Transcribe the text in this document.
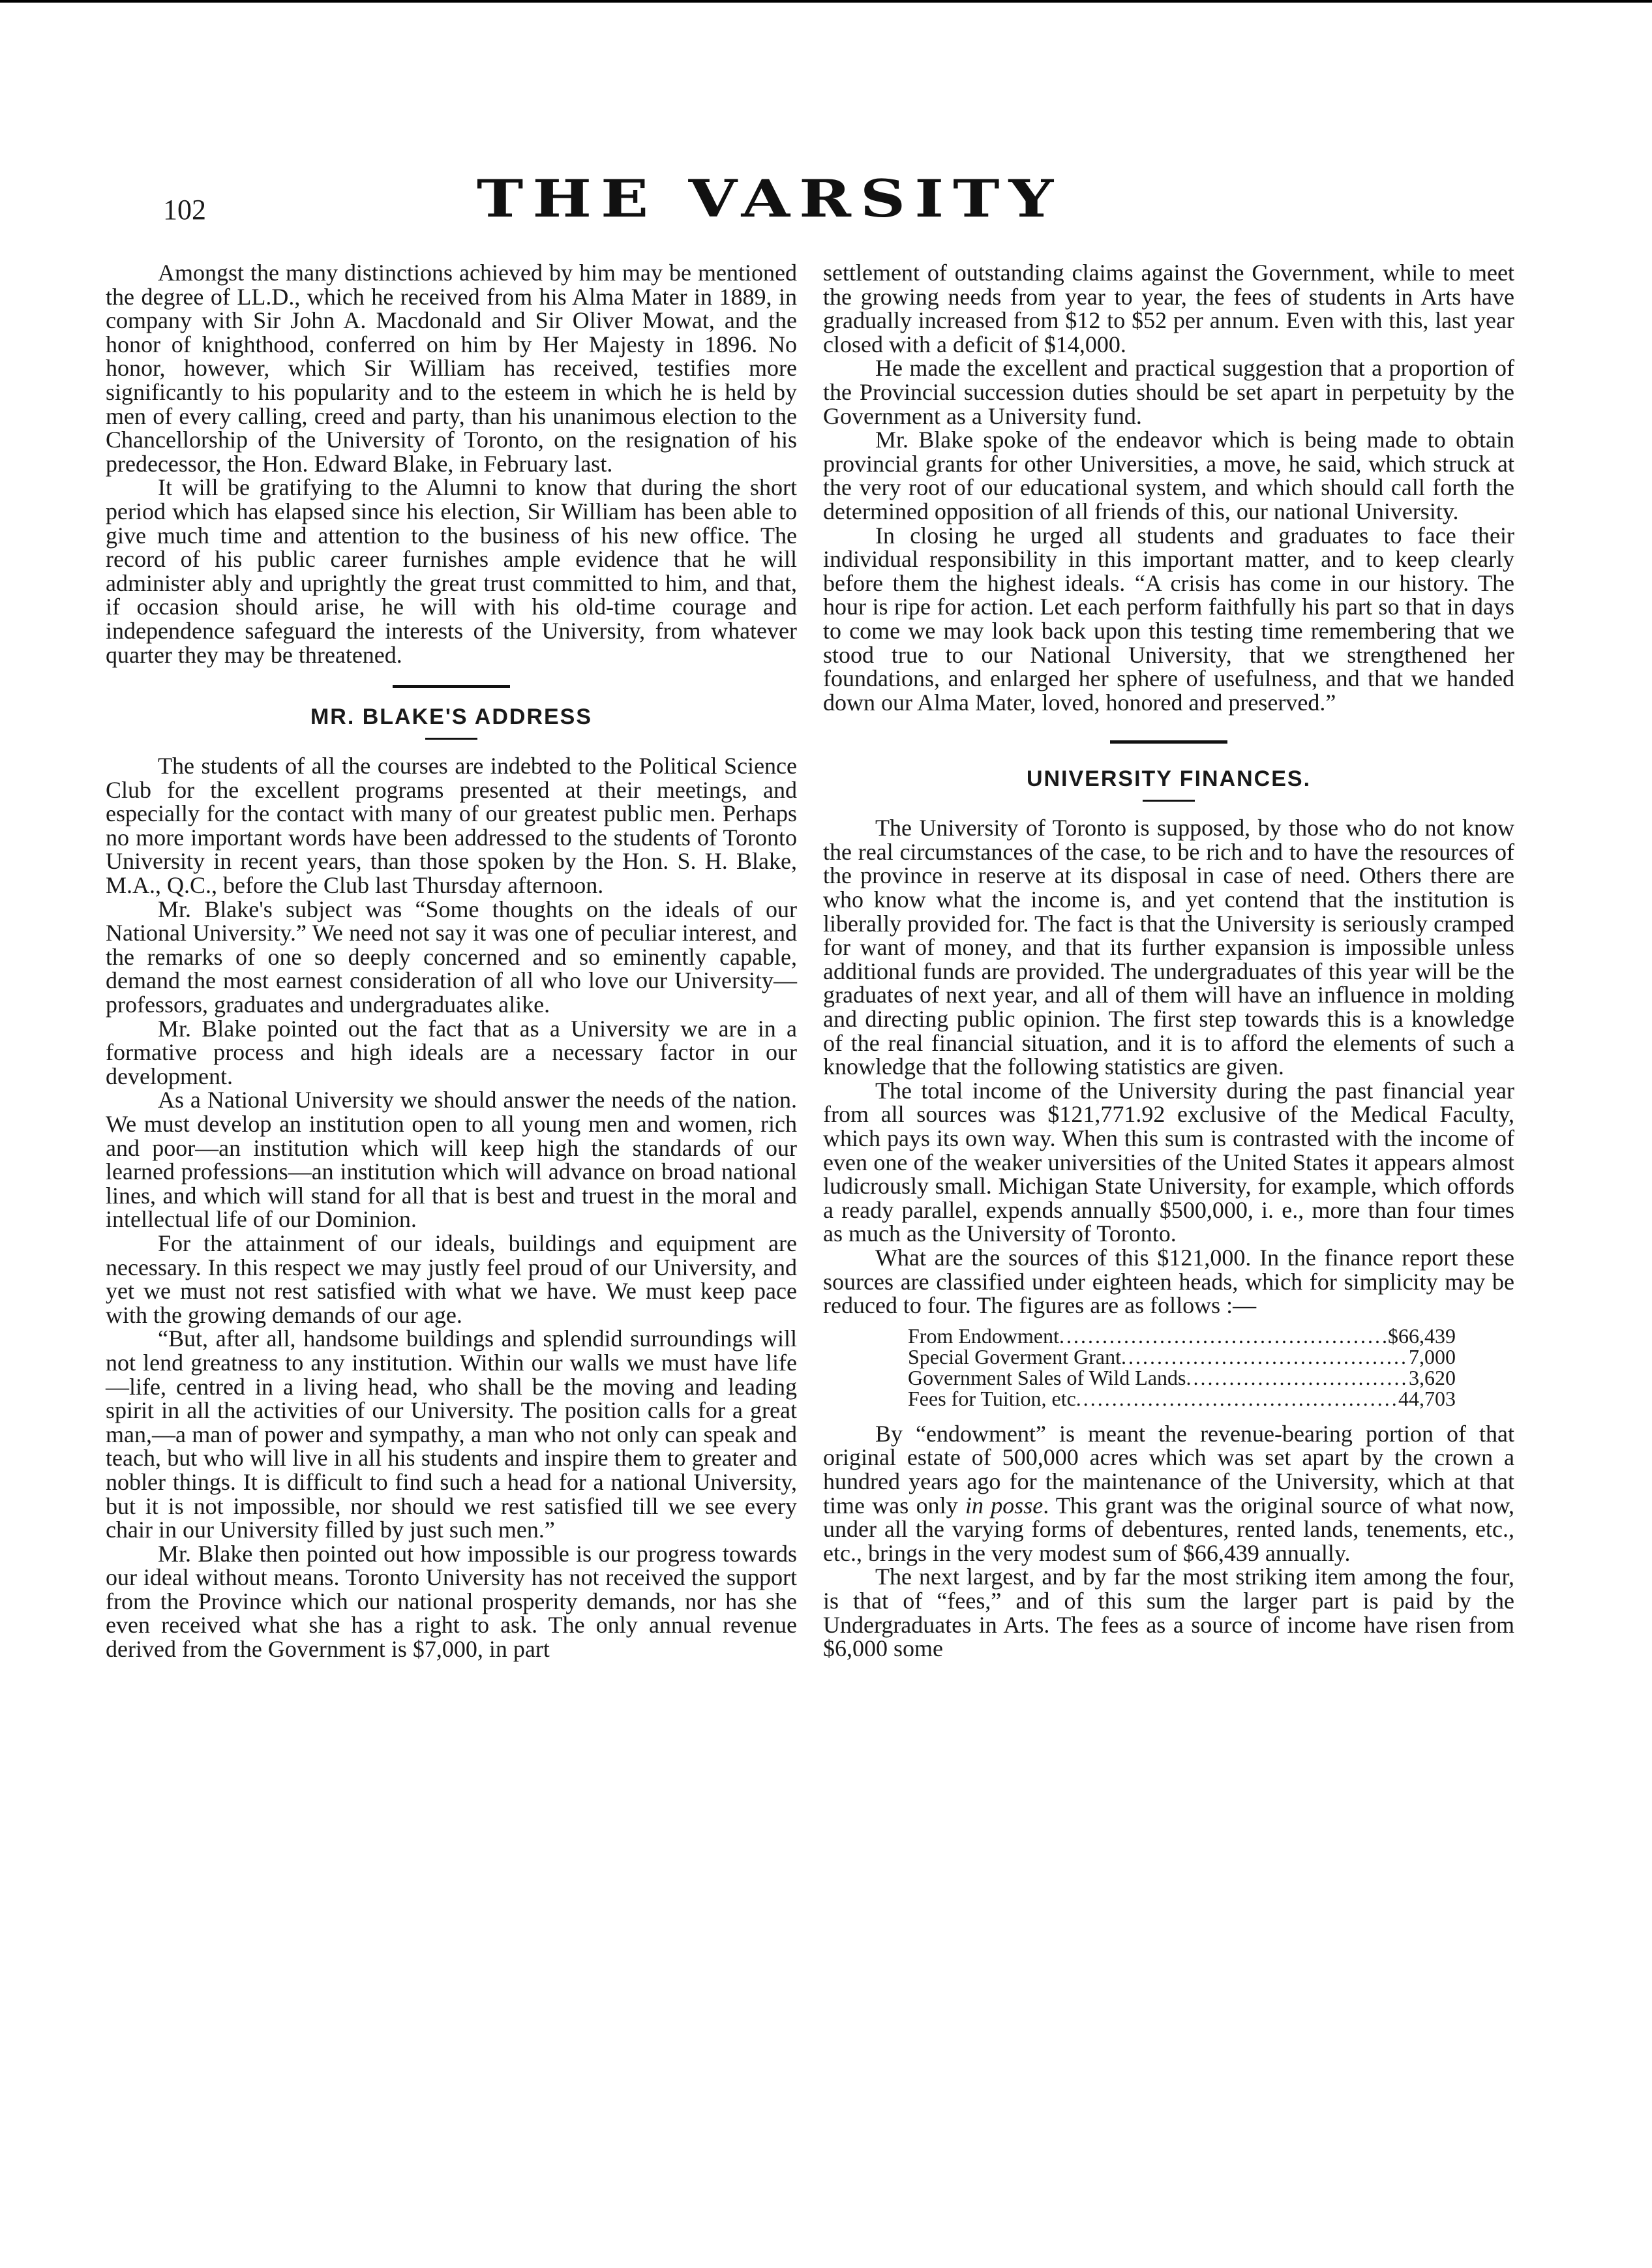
102	THE VARSITY

Amongst the many distinctions achieved by him may be mentioned the degree of LL.D., which he received from his Alma Mater in 1889, in company with Sir John A. Macdonald and Sir Oliver Mowat, and the honor of knighthood, conferred on him by Her Majesty in 1896. No honor, however, which Sir William has received, testifies more significantly to his popularity and to the esteem in which he is held by men of every calling, creed and party, than his unanimous election to the Chancellorship of the University of Toronto, on the resignation of his predecessor, the Hon. Edward Blake, in February last.

It will be gratifying to the Alumni to know that during the short period which has elapsed since his election, Sir William has been able to give much time and attention to the business of his new office. The record of his public career furnishes ample evidence that he will administer ably and uprightly the great trust committed to him, and that, if occasion should arise, he will with his old-time courage and independence safeguard the interests of the University, from whatever quarter they may be threatened.

MR. BLAKE'S ADDRESS

The students of all the courses are indebted to the Political Science Club for the excellent programs presented at their meetings, and especially for the contact with many of our greatest public men. Perhaps no more important words have been addressed to the students of Toronto University in recent years, than those spoken by the Hon. S. H. Blake, M.A., Q.C., before the Club last Thursday afternoon.

Mr. Blake's subject was “Some thoughts on the ideals of our National University.” We need not say it was one of peculiar interest, and the remarks of one so deeply concerned and so eminently capable, demand the most earnest consideration of all who love our University—professors, graduates and undergraduates alike.

Mr. Blake pointed out the fact that as a University we are in a formative process and high ideals are a necessary factor in our development.

As a National University we should answer the needs of the nation. We must develop an institution open to all young men and women, rich and poor—an institution which will keep high the standards of our learned professions—an institution which will advance on broad national lines, and which will stand for all that is best and truest in the moral and intellectual life of our Dominion.

For the attainment of our ideals, buildings and equipment are necessary. In this respect we may justly feel proud of our University, and yet we must not rest satisfied with what we have. We must keep pace with the growing demands of our age.

“But, after all, handsome buildings and splendid surroundings will not lend greatness to any institution. Within our walls we must have life—life, centred in a living head, who shall be the moving and leading spirit in all the activities of our University. The position calls for a great man,—a man of power and sympathy, a man who not only can speak and teach, but who will live in all his students and inspire them to greater and nobler things. It is difficult to find such a head for a national University, but it is not impossible, nor should we rest satisfied till we see every chair in our University filled by just such men.”

Mr. Blake then pointed out how impossible is our progress towards our ideal without means. Toronto University has not received the support from the Province which our national prosperity demands, nor has she even received what she has a right to ask. The only annual revenue derived from the Government is $7,000, in part

settlement of outstanding claims against the Government, while to meet the growing needs from year to year, the fees of students in Arts have gradually increased from $12 to $52 per annum. Even with this, last year closed with a deficit of $14,000.

He made the excellent and practical suggestion that a proportion of the Provincial succession duties should be set apart in perpetuity by the Government as a University fund.

Mr. Blake spoke of the endeavor which is being made to obtain provincial grants for other Universities, a move, he said, which struck at the very root of our educational system, and which should call forth the determined opposition of all friends of this, our national University.

In closing he urged all students and graduates to face their individual responsibility in this important matter, and to keep clearly before them the highest ideals. “A crisis has come in our history. The hour is ripe for action. Let each perform faithfully his part so that in days to come we may look back upon this testing time remembering that we stood true to our National University, that we strengthened her foundations, and enlarged her sphere of usefulness, and that we handed down our Alma Mater, loved, honored and preserved.”

UNIVERSITY FINANCES.

The University of Toronto is supposed, by those who do not know the real circumstances of the case, to be rich and to have the resources of the province in reserve at its disposal in case of need. Others there are who know what the income is, and yet contend that the institution is liberally provided for. The fact is that the University is seriously cramped for want of money, and that its further expansion is impossible unless additional funds are provided. The undergraduates of this year will be the graduates of next year, and all of them will have an influence in molding and directing public opinion. The first step towards this is a knowledge of the real financial situation, and it is to afford the elements of such a knowledge that the following statistics are given.

The total income of the University during the past financial year from all sources was $121,771.92 exclusive of the Medical Faculty, which pays its own way. When this sum is contrasted with the income of even one of the weaker universities of the United States it appears almost ludicrously small. Michigan State University, for example, which offords a ready parallel, expends annually $500,000, i. e., more than four times as much as the University of Toronto.

What are the sources of this $121,000. In the finance report these sources are classified under eighteen heads, which for simplicity may be reduced to four. The figures are as follows :—

From Endowment .....	$66,439
Special Goverment Grant .....	7,000
Government Sales of Wild Lands .....	3,620
Fees for Tuition, etc .....	44,703

By “endowment” is meant the revenue-bearing portion of that original estate of 500,000 acres which was set apart by the crown a hundred years ago for the maintenance of the University, which at that time was only in posse. This grant was the original source of what now, under all the varying forms of debentures, rented lands, tenements, etc., etc., brings in the very modest sum of $66,439 annually.

The next largest, and by far the most striking item among the four, is that of “fees,” and of this sum the larger part is paid by the Undergraduates in Arts. The fees as a source of income have risen from $6,000 some
